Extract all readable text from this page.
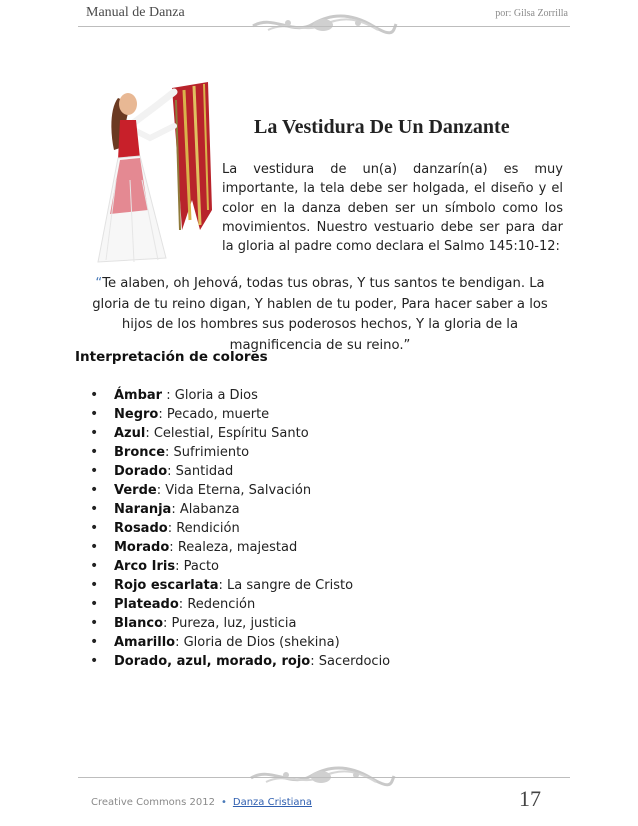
Manual de Danza	por: Gilsa Zorrilla
La Vestidura De Un Danzante
La vestidura de un(a) danzarín(a) es muy importante, la tela debe ser holgada, el diseño y el color en la danza deben ser un símbolo como los movimientos. Nuestro vestuario debe ser para dar la gloria al padre como declara el Salmo 145:10-12:
“Te alaben, oh Jehová, todas tus obras, Y tus santos te bendigan. La gloria de tu reino digan, Y hablen de tu poder, Para hacer saber a los hijos de los hombres sus poderosos hechos, Y la gloria de la magnificencia de su reino.”
Interpretación de colores
• Ámbar : Gloria a Dios
• Negro: Pecado, muerte
• Azul: Celestial, Espíritu Santo
• Bronce: Sufrimiento
• Dorado: Santidad
• Verde: Vida Eterna, Salvación
• Naranja: Alabanza
• Rosado: Rendición
• Morado: Realeza, majestad
• Arco Iris: Pacto
• Rojo escarlata: La sangre de Cristo
• Plateado: Redención
• Blanco: Pureza, luz, justicia
• Amarillo: Gloria de Dios (shekina)
• Dorado, azul, morado, rojo: Sacerdocio
Creative Commons 2012 • Danza Cristiana	17
